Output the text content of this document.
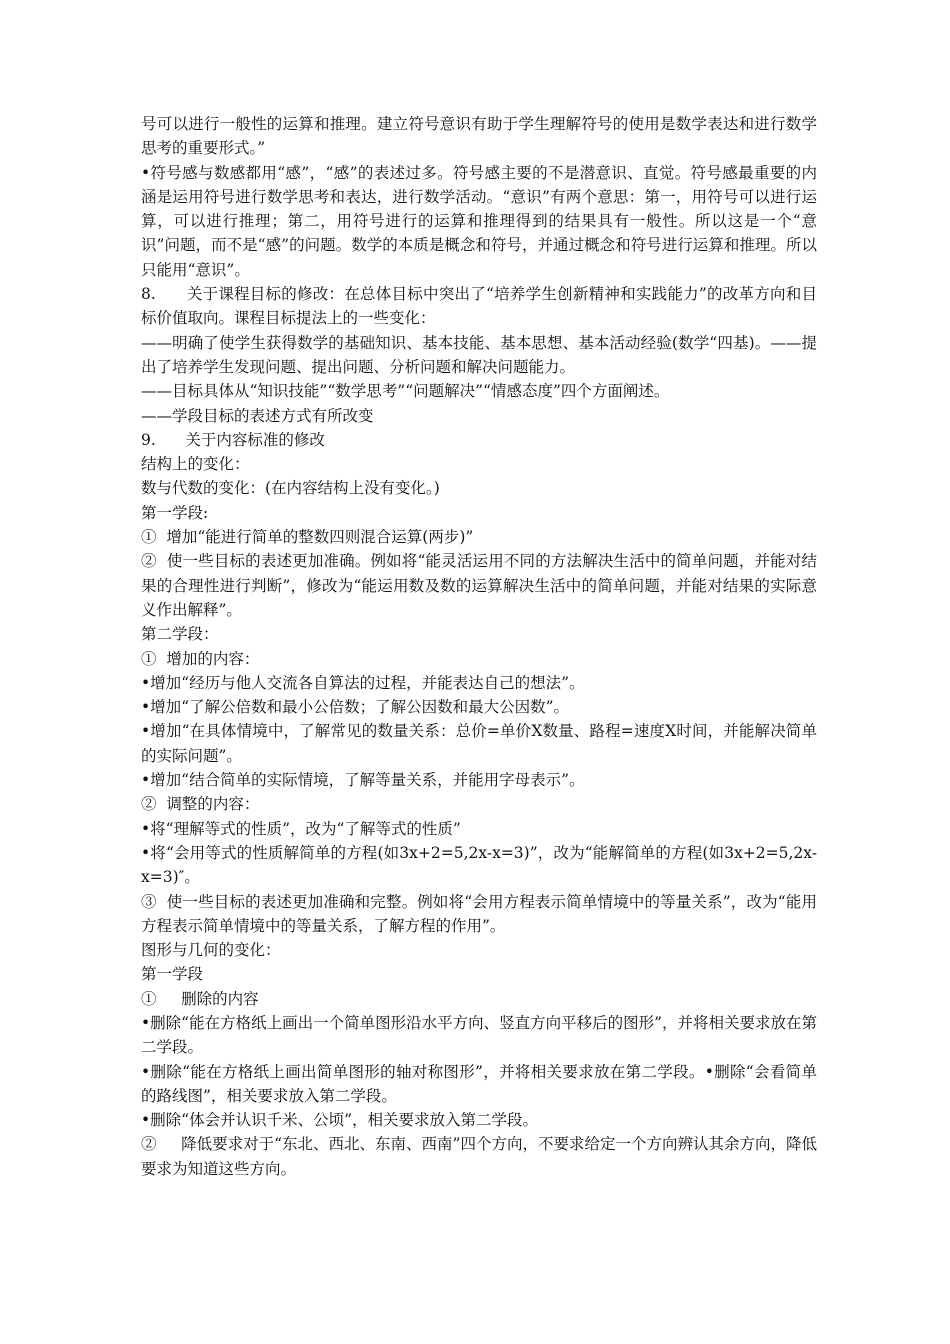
号可以进行一般性的运算和推理。建立符号意识有助于学生理解符号的使用是数学表达和进行数学思考的重要形式。”

•符号感与数感都用“感”，“感”的表述过多。符号感主要的不是潜意识、直觉。符号感最重要的内涵是运用符号进行数学思考和表达，进行数学活动。“意识”有两个意思：第一，用符号可以进行运算，可以进行推理；第二，用符号进行的运算和推理得到的结果具有一般性。所以这是一个“意识”问题，而不是“感”的问题。数学的本质是概念和符号，并通过概念和符号进行运算和推理。所以只能用“意识”。

8.      关于课程目标的修改：在总体目标中突出了“培养学生创新精神和实践能力”的改革方向和目标价值取向。课程目标提法上的一些变化：

——明确了使学生获得数学的基础知识、基本技能、基本思想、基本活动经验(数学“四基)。——提出了培养学生发现问题、提出问题、分析问题和解决问题能力。

——目标具体从“知识技能”“数学思考”“问题解决”“情感态度”四个方面阐述。

——学段目标的表述方式有所改变

9.      关于内容标准的修改

结构上的变化：

数与代数的变化：(在内容结构上没有变化。)

第一学段:

①  增加“能进行简单的整数四则混合运算(两步)”

②  使一些目标的表述更加准确。例如将“能灵活运用不同的方法解决生活中的简单问题，并能对结果的合理性进行判断”，修改为“能运用数及数的运算解决生活中的简单问题，并能对结果的实际意义作出解释”。

第二学段：

①  增加的内容：

•增加“经历与他人交流各自算法的过程，并能表达自己的想法”。

•增加“了解公倍数和最小公倍数；了解公因数和最大公因数”。

•增加“在具体情境中，了解常见的数量关系：总价=单价Ⅹ数量、路程=速度Ⅹ时间，并能解决简单的实际问题”。

•增加“结合简单的实际情境，了解等量关系，并能用字母表示”。

②  调整的内容：

•将“理解等式的性质”，改为“了解等式的性质”

•将“会用等式的性质解简单的方程(如3x+2=5,2x-x=3)”，改为“能解简单的方程(如3x+2=5,2x-x=3)″。

③  使一些目标的表述更加准确和完整。例如将“会用方程表示简单情境中的等量关系”，改为“能用方程表示简单情境中的等量关系，了解方程的作用”。

图形与几何的变化：

第一学段

①     删除的内容

•删除“能在方格纸上画出一个简单图形沿水平方向、竖直方向平移后的图形”，并将相关要求放在第二学段。

•删除“能在方格纸上画出简单图形的轴对称图形”，并将相关要求放在第二学段。•删除“会看简单的路线图”，相关要求放入第二学段。

•删除“体会并认识千米、公顷”，相关要求放入第二学段。

②     降低要求对于“东北、西北、东南、西南”四个方向，不要求给定一个方向辨认其余方向，降低要求为知道这些方向。
